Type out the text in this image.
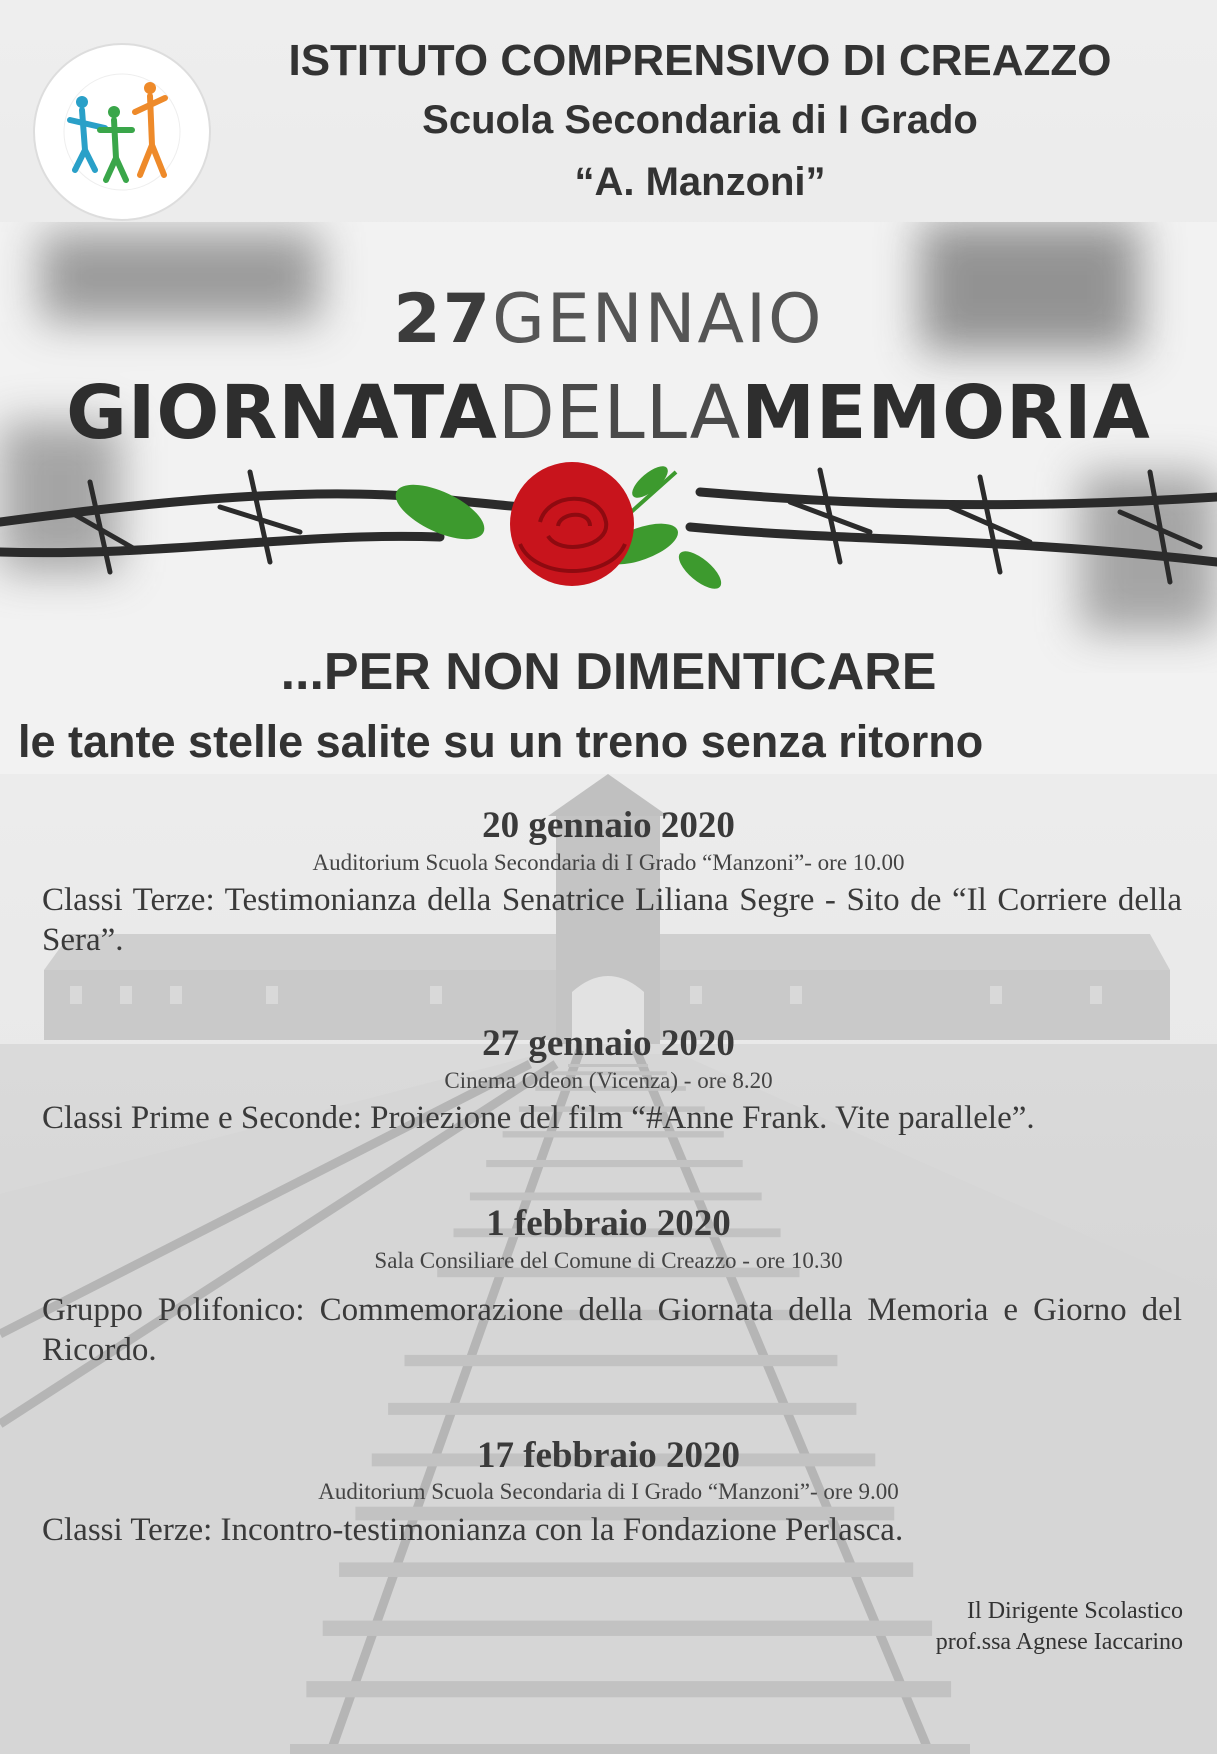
ISTITUTO COMPRENSIVO DI CREAZZO
Scuola Secondaria di I Grado
“A. Manzoni”
27GENNAIO
GIORNATADELLAMEMORIA
...PER NON DIMENTICARE
le tante stelle salite su un treno senza ritorno
20 gennaio 2020
Auditorium Scuola Secondaria di I Grado “Manzoni”- ore 10.00
Classi Terze: Testimonianza della Senatrice Liliana Segre - Sito de “Il Corriere della Sera”.
27 gennaio 2020
Cinema Odeon (Vicenza) - ore 8.20
Classi Prime e Seconde: Proiezione del film “#Anne Frank. Vite parallele”.
1 febbraio 2020
Sala Consiliare del Comune di Creazzo - ore 10.30
Gruppo Polifonico: Commemorazione della Giornata della Memoria e Giorno del Ricordo.
17 febbraio 2020
Auditorium Scuola Secondaria di I Grado “Manzoni”- ore 9.00
Classi Terze: Incontro-testimonianza con la Fondazione Perlasca.
Il Dirigente Scolastico
prof.ssa Agnese Iaccarino
